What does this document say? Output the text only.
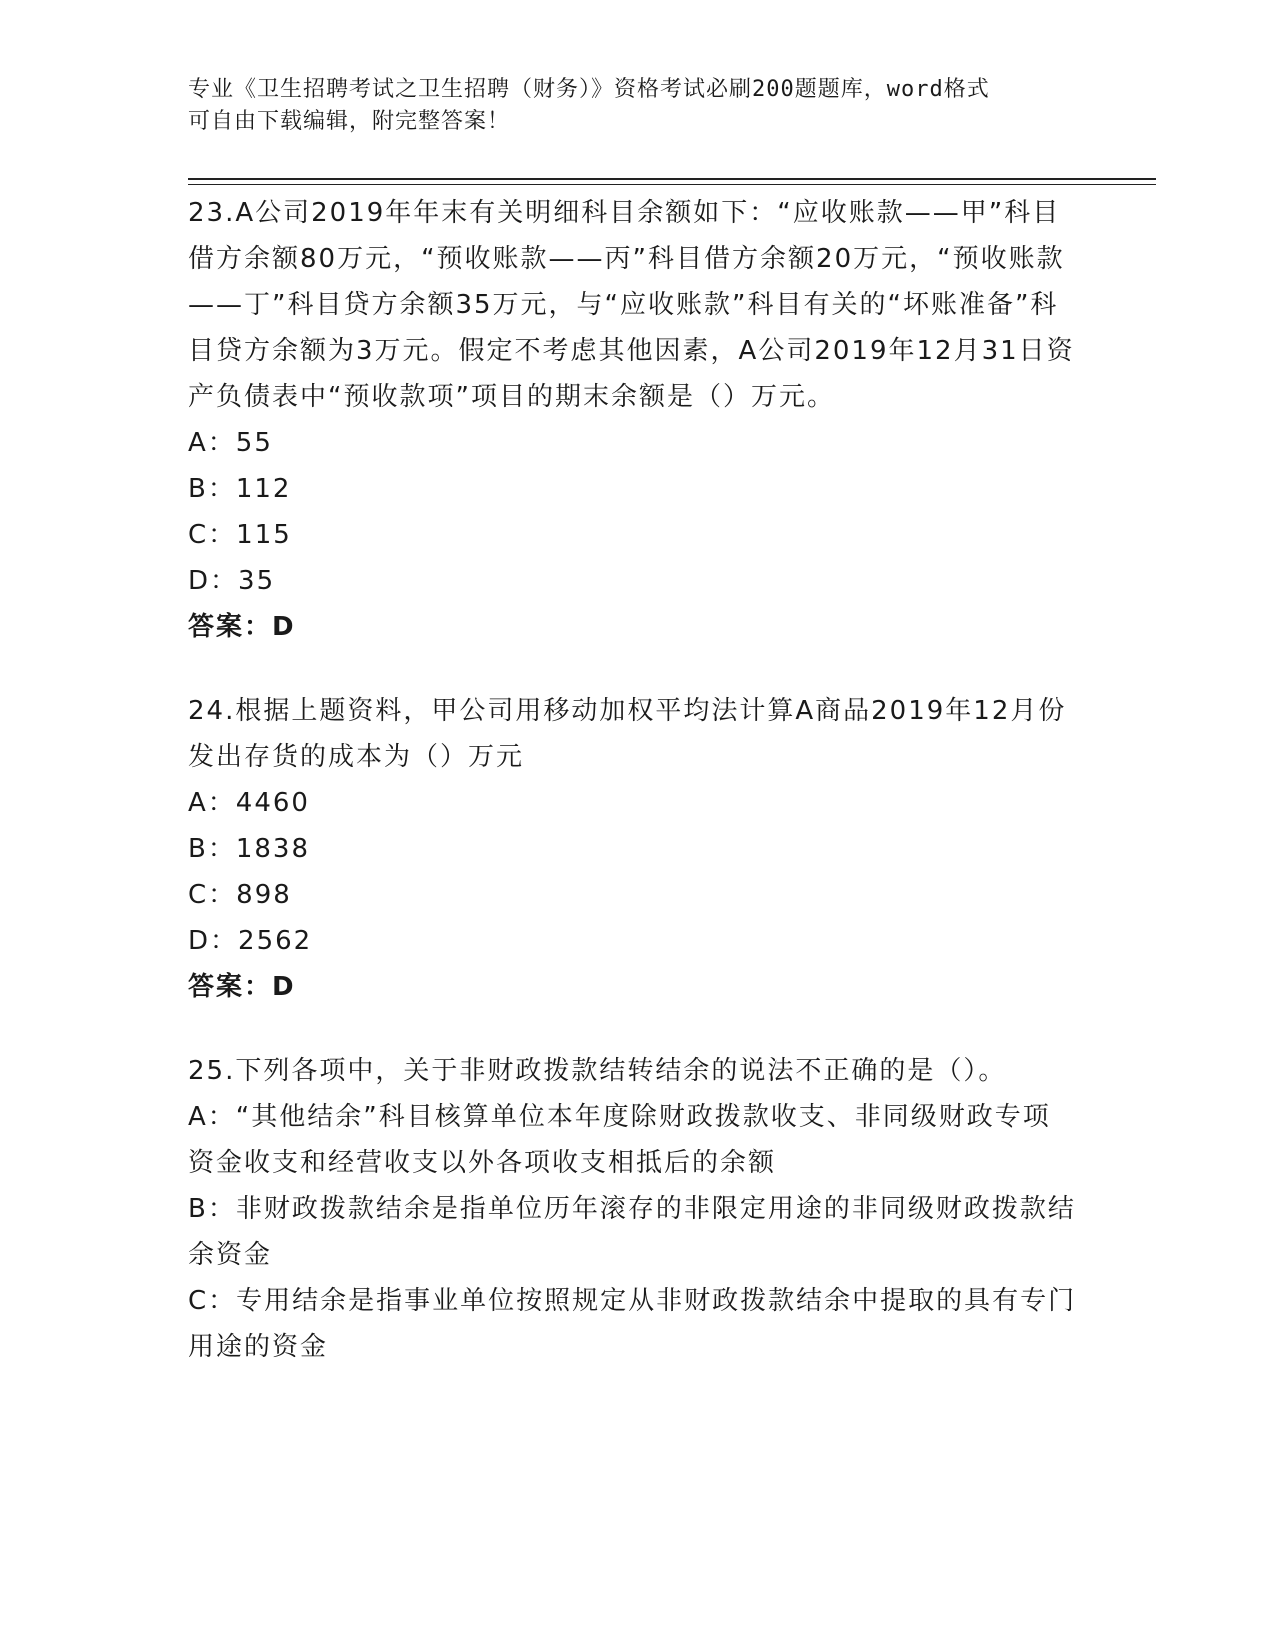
专业《卫生招聘考试之卫生招聘（财务）》资格考试必刷200题题库，word格式
可自由下载编辑，附完整答案！
23.A公司2019年年末有关明细科目余额如下：“应收账款——甲”科目借方余额80万元，“预收账款——丙”科目借方余额20万元，“预收账款——丁”科目贷方余额35万元，与“应收账款”科目有关的“坏账准备”科目贷方余额为3万元。假定不考虑其他因素，A公司2019年12月31日资产负债表中“预收款项”项目的期末余额是（）万元。
A：55
B：112
C：115
D：35
答案：D
24.根据上题资料，甲公司用移动加权平均法计算A商品2019年12月份发出存货的成本为（）万元
A：4460
B：1838
C：898
D：2562
答案：D
25.下列各项中，关于非财政拨款结转结余的说法不正确的是（）。
A：“其他结余”科目核算单位本年度除财政拨款收支、非同级财政专项资金收支和经营收支以外各项收支相抵后的余额
B：非财政拨款结余是指单位历年滚存的非限定用途的非同级财政拨款结余资金
C：专用结余是指事业单位按照规定从非财政拨款结余中提取的具有专门用途的资金
